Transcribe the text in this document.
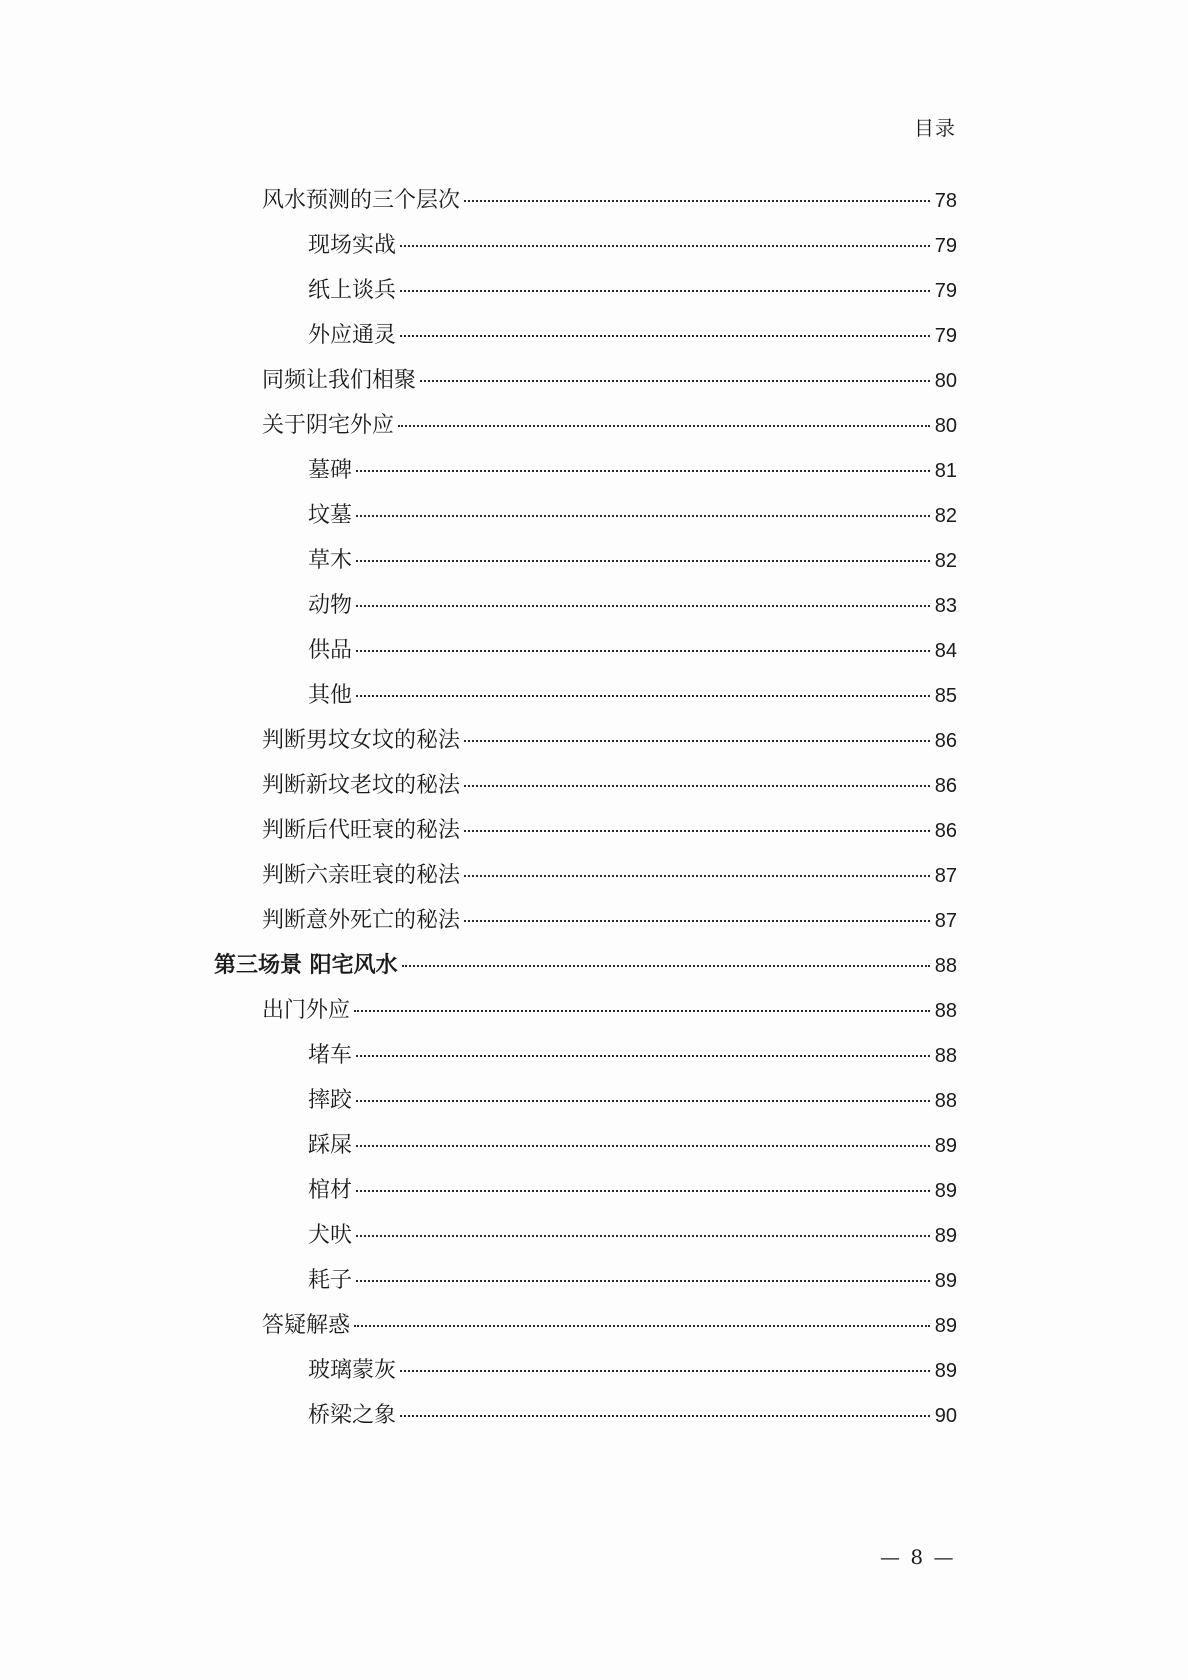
目录
风水预测的三个层次	78
现场实战	79
纸上谈兵	79
外应通灵	79
同频让我们相聚	80
关于阴宅外应	80
墓碑	81
坟墓	82
草木	82
动物	83
供品	84
其他	85
判断男坟女坟的秘法	86
判断新坟老坟的秘法	86
判断后代旺衰的秘法	86
判断六亲旺衰的秘法	87
判断意外死亡的秘法	87
第三场景 阳宅风水	88
出门外应	88
堵车	88
摔跤	88
踩屎	89
棺材	89
犬吠	89
耗子	89
答疑解惑	89
玻璃蒙灰	89
桥梁之象	90
— 8 —
